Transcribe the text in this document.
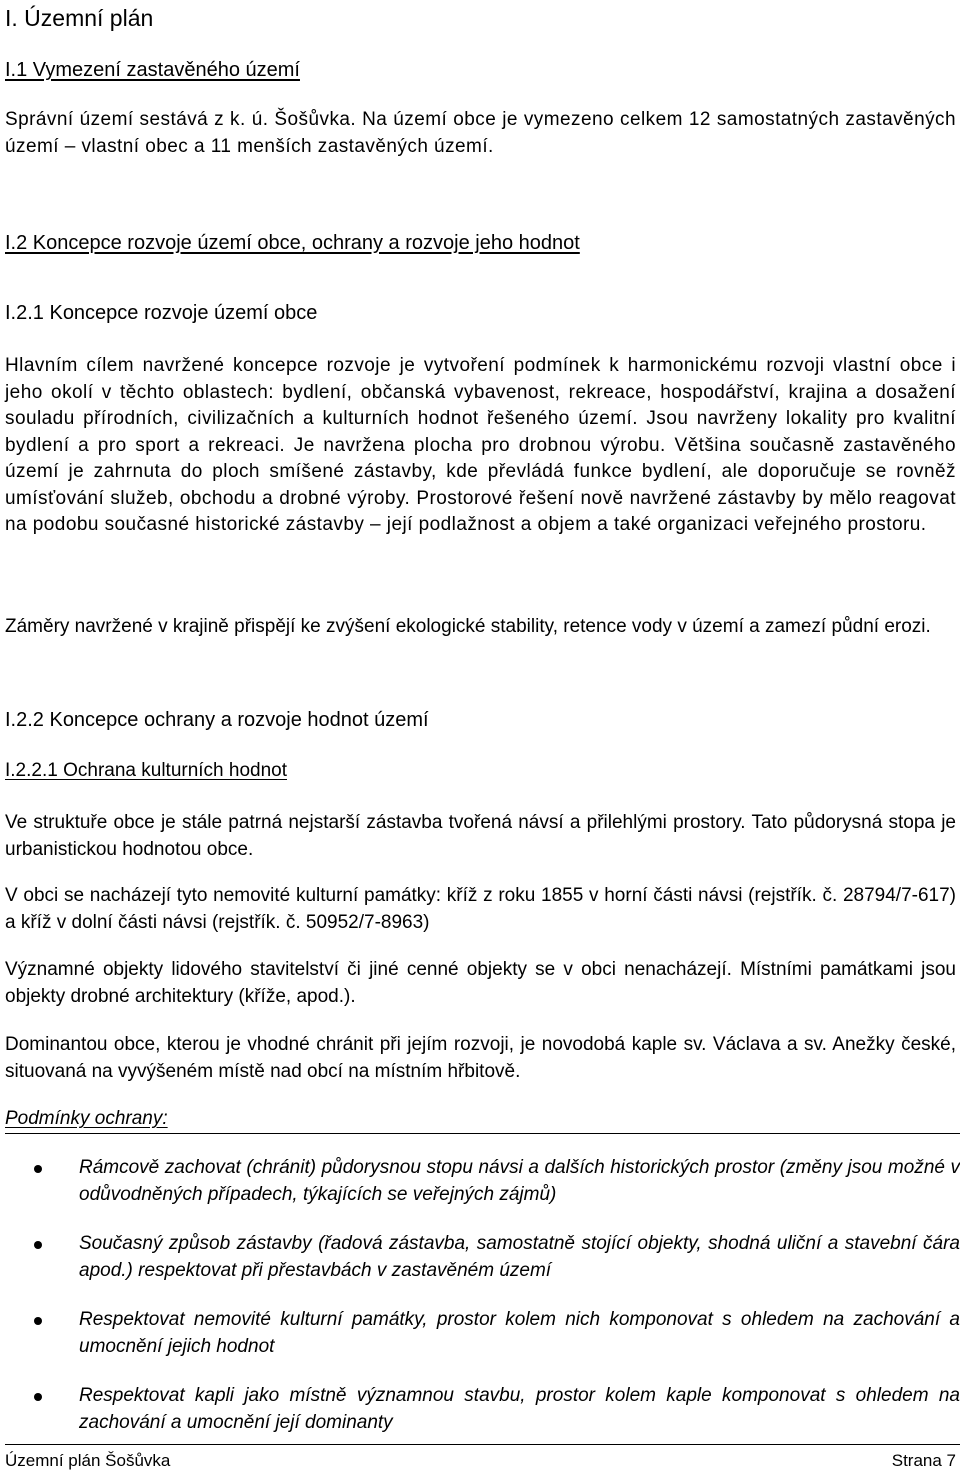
I. Územní plán
I.1 Vymezení zastavěného území
Správní území sestává z k. ú. Šošůvka. Na území obce je vymezeno celkem 12 samostatných zastavěných území – vlastní obec a 11 menších zastavěných území.
I.2 Koncepce rozvoje území obce, ochrany a rozvoje jeho hodnot
I.2.1 Koncepce rozvoje území obce
Hlavním cílem navržené koncepce rozvoje je vytvoření podmínek k harmonickému rozvoji vlastní obce i jeho okolí v těchto oblastech: bydlení, občanská vybavenost, rekreace, hospodářství, krajina a dosažení souladu přírodních, civilizačních a kulturních hodnot řešeného území. Jsou navrženy lokality pro kvalitní bydlení a pro sport a rekreaci. Je navržena plocha pro drobnou výrobu. Většina současně zastavěného území je zahrnuta do ploch smíšené zástavby, kde převládá funkce bydlení, ale doporučuje se rovněž umísťování služeb, obchodu a drobné výroby. Prostorové řešení nově navržené zástavby by mělo reagovat na podobu současné historické zástavby – její podlažnost a objem a také organizaci veřejného prostoru.
Záměry navržené v krajině přispějí ke zvýšení ekologické stability, retence vody v území a zamezí půdní erozi.
I.2.2 Koncepce ochrany a rozvoje hodnot území
I.2.2.1 Ochrana kulturních hodnot
Ve struktuře obce je stále patrná nejstarší zástavba tvořená návsí a přilehlými prostory. Tato půdorysná stopa je urbanistickou hodnotou obce.
V obci se nacházejí tyto nemovité kulturní památky: kříž z roku 1855 v horní části návsi (rejstřík. č. 28794/7-617) a kříž v dolní části návsi (rejstřík. č. 50952/7-8963)
Významné objekty lidového stavitelství či jiné cenné objekty se v obci nenacházejí. Místními památkami jsou objekty drobné architektury (kříže, apod.).
Dominantou obce, kterou je vhodné chránit při jejím rozvoji, je novodobá kaple sv. Václava a sv. Anežky české, situovaná na vyvýšeném místě nad obcí na místním hřbitově.
Podmínky ochrany:
Rámcově zachovat (chránit) půdorysnou stopu návsi a dalších historických prostor (změny jsou možné v odůvodněných případech, týkajících se veřejných zájmů)
Současný způsob zástavby (řadová zástavba, samostatně stojící objekty, shodná uliční a stavební čára apod.) respektovat při přestavbách v zastavěném území
Respektovat nemovité kulturní památky, prostor kolem nich komponovat s ohledem na zachování a umocnění jejich hodnot
Respektovat kapli jako místně významnou stavbu, prostor kolem kaple komponovat s ohledem na zachování a umocnění její dominanty
Územní plán Šošůvka	Strana 7
